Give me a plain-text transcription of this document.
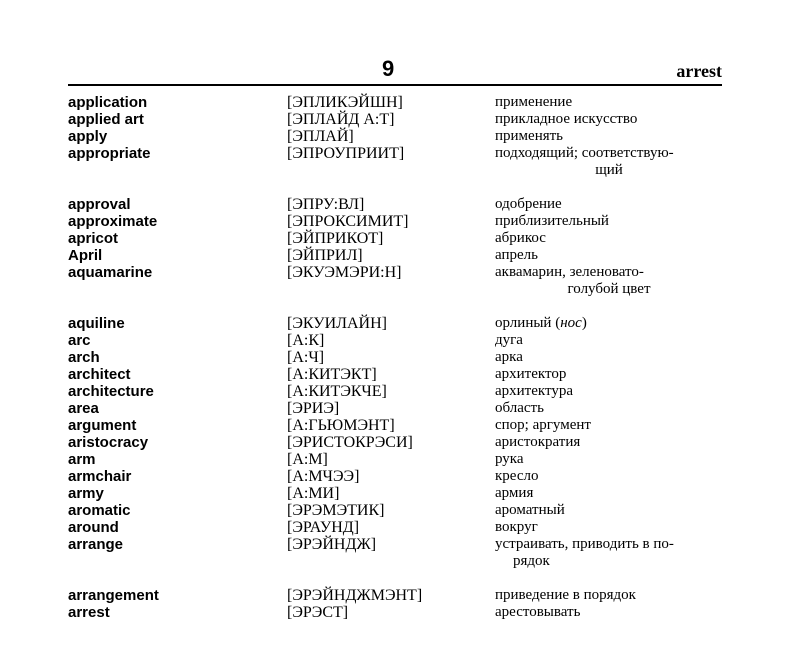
9	arrest
application	[ЭПЛИКЭЙШН]	применение
applied art	[ЭПЛАЙД А:Т]	прикладное искусство
apply	[ЭПЛАЙ]	применять
appropriate	[ЭПРОУПРИИТ]	подходящий; соответствую-
щий
approval	[ЭПРУ:ВЛ]	одобрение
approximate	[ЭПРОКСИМИТ]	приблизительный
apricot	[ЭЙПРИКОТ]	абрикос
April	[ЭЙПРИЛ]	апрель
aquamarine	[ЭКУЭМЭРИ:Н]	аквамарин, зеленовато-
голубой цвет
aquiline	[ЭКУИЛАЙН]	орлиный (нос)
arc	[А:К]	дуга
arch	[А:Ч]	арка
architect	[А:КИТЭКТ]	архитектор
architecture	[А:КИТЭКЧЕ]	архитектура
area	[ЭРИЭ]	область
argument	[А:ГЬЮМЭНТ]	спор; аргумент
aristocracy	[ЭРИСТОКРЭСИ]	аристократия
arm	[А:М]	рука
armchair	[А:МЧЭЭ]	кресло
army	[А:МИ]	армия
aromatic	[ЭРЭМЭТИК]	ароматный
around	[ЭРАУНД]	вокруг
arrange	[ЭРЭЙНДЖ]	устраивать, приводить в по-
рядок
arrangement	[ЭРЭЙНДЖМЭНТ]	приведение в порядок
arrest	[ЭРЭСТ]	арестовывать
